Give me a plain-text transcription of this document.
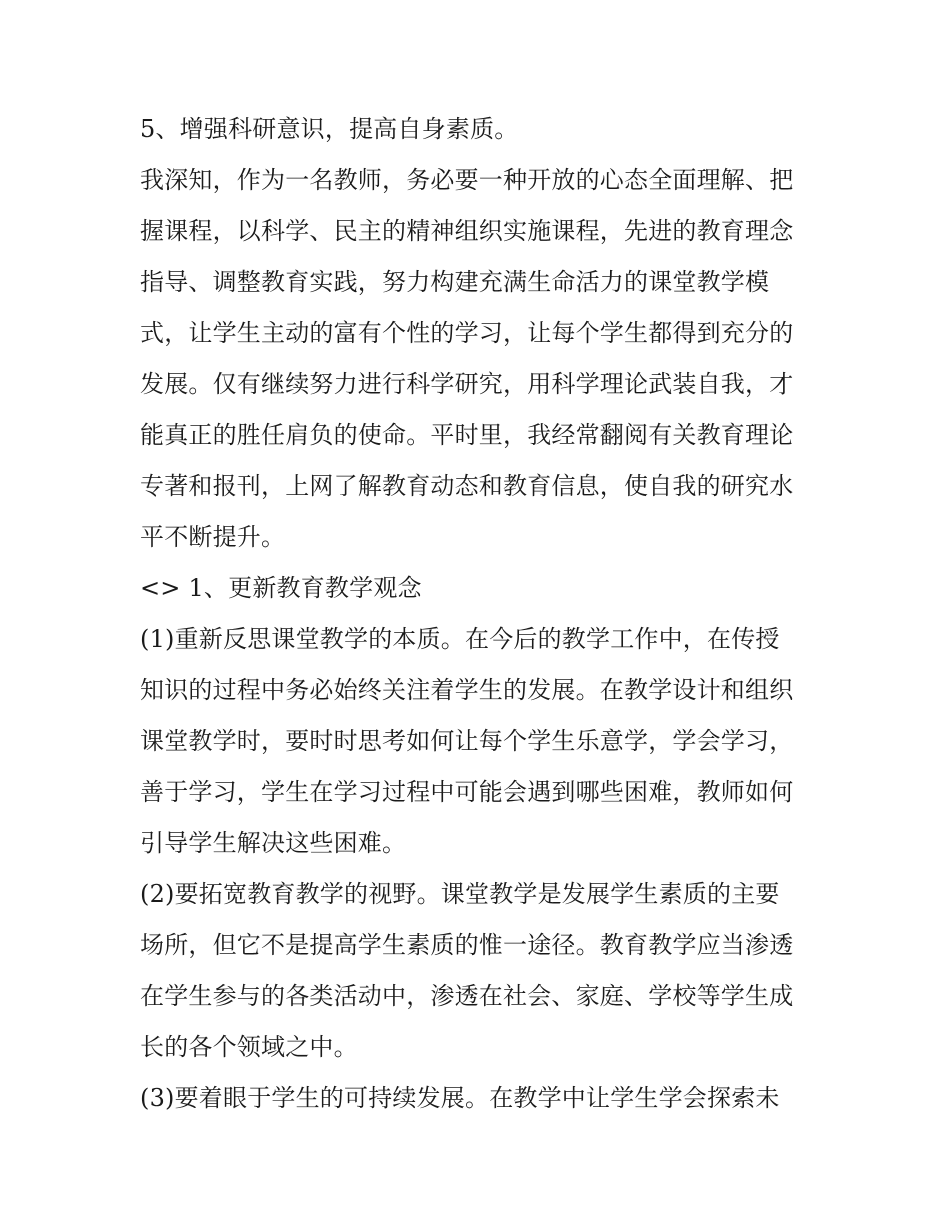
5、增强科研意识，提高自身素质。
我深知，作为一名教师，务必要一种开放的心态全面理解、把
握课程，以科学、民主的精神组织实施课程，先进的教育理念
指导、调整教育实践，努力构建充满生命活力的课堂教学模
式，让学生主动的富有个性的学习，让每个学生都得到充分的
发展。仅有继续努力进行科学研究，用科学理论武装自我，才
能真正的胜任肩负的使命。平时里，我经常翻阅有关教育理论
专著和报刊，上网了解教育动态和教育信息，使自我的研究水
平不断提升。
<> 1、更新教育教学观念
(1)重新反思课堂教学的本质。在今后的教学工作中，在传授
知识的过程中务必始终关注着学生的发展。在教学设计和组织
课堂教学时，要时时思考如何让每个学生乐意学，学会学习，
善于学习，学生在学习过程中可能会遇到哪些困难，教师如何
引导学生解决这些困难。
(2)要拓宽教育教学的视野。课堂教学是发展学生素质的主要
场所，但它不是提高学生素质的惟一途径。教育教学应当渗透
在学生参与的各类活动中，渗透在社会、家庭、学校等学生成
长的各个领域之中。
(3)要着眼于学生的可持续发展。在教学中让学生学会探索未
